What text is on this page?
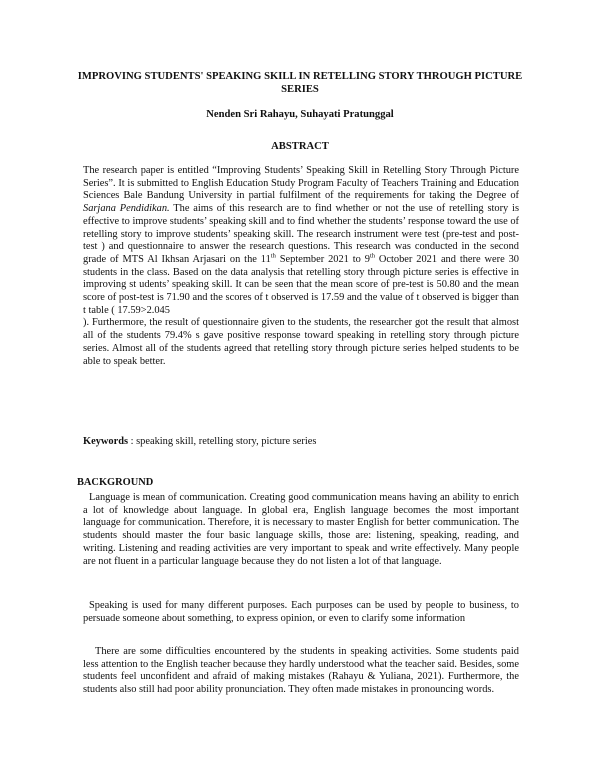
IMPROVING STUDENTS' SPEAKING SKILL IN RETELLING STORY THROUGH PICTURE SERIES
Nenden Sri Rahayu, Suhayati Pratunggal
ABSTRACT
The research paper is entitled “Improving Students’ Speaking Skill in Retelling Story Through Picture Series”. It is submitted to English Education Study Program Faculty of Teachers Training and Education Sciences Bale Bandung University in partial fulfilment of the requirements for taking the Degree of Sarjana Pendidikan. The aims of this research are to find whether or not the use of retelling story is effective to improve students’ speaking skill and to find whether the students’ response toward the use of retelling story to improve students’ speaking skill. The research instrument were test (pre-test and post-test ) and questionnaire to answer the research questions. This research was conducted in the second grade of MTS Al Ikhsan Arjasari on the 11th September 2021 to 9th October 2021 and there were 30 students in the class. Based on the data analysis that retelling story through picture series is effective in improving st udents’ speaking skill. It can be seen that the mean score of pre-test is 50.80 and the mean score of post-test is 71.90 and the scores of t observed is 17.59 and the value of t observed is bigger than t table ( 17.59>2.045
). Furthermore, the result of questionnaire given to the students, the researcher got the result that almost all of the students 79.4% s gave positive response toward speaking in retelling story through picture series. Almost all of the students agreed that retelling story through picture series helped students to be able to speak better.
Keywords : speaking skill, retelling story, picture series
BACKGROUND
Language is mean of communication. Creating good communication means having an ability to enrich a lot of knowledge about language. In global era, English language becomes the most important language for communication. Therefore, it is necessary to master English for better communication. The students should master the four basic language skills, those are: listening, speaking, reading, and writing. Listening and reading activities are very important to speak and write effectively. Many people are not fluent in a particular language because they do not listen a lot of that language.
Speaking is used for many different purposes. Each purposes can be used by people to business, to persuade someone about something, to express opinion, or even to clarify some information
There are some difficulties encountered by the students in speaking activities. Some students paid less attention to the English teacher because they hardly understood what the teacher said. Besides, some students feel unconfident and afraid of making mistakes (Rahayu & Yuliana, 2021). Furthermore, the students also still had poor ability pronunciation. They often made mistakes in pronouncing words.
